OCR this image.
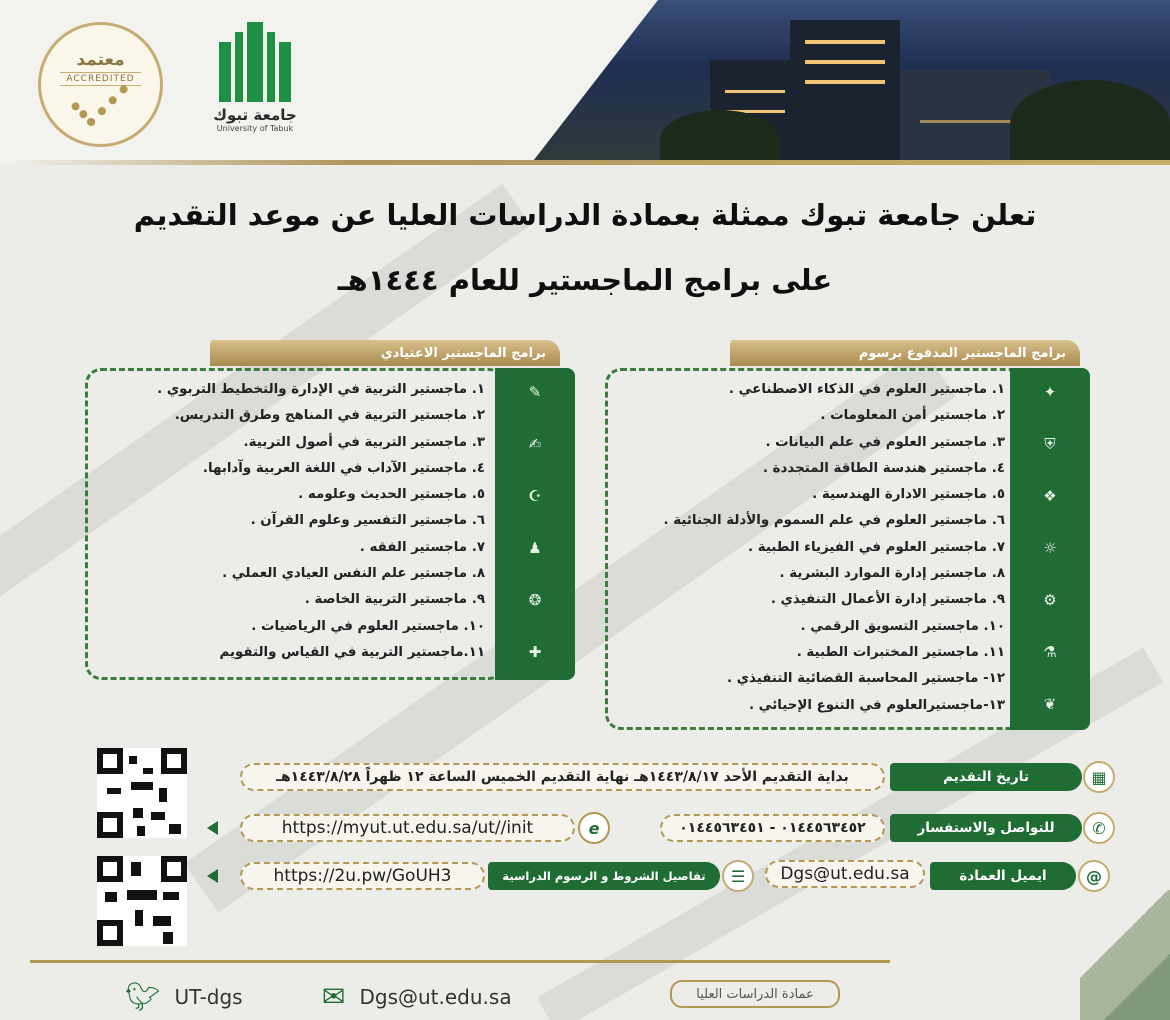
معتمد
ACCREDITED
جامعة تبوك
University of Tabuk
تعلن جامعة تبوك ممثلة بعمادة الدراسات العليا عن موعد التقديم
على برامج الماجستير للعام ١٤٤٤هـ
برامج الماجستير المدفوع برسوم
✦
⛨
❖
☼
⚙
⚗
❦
١. ماجستير العلوم في الذكاء الاصطناعي .
٢. ماجستير أمن المعلومات .
٣. ماجستير العلوم في علم البيانات .
٤. ماجستير هندسة الطاقة المتجددة .
٥. ماجستير الادارة الهندسية .
٦. ماجستير العلوم في علم السموم والأدلة الجنائية .
٧. ماجستير العلوم في الفيزياء الطبية .
٨. ماجستير إدارة الموارد البشرية .
٩. ماجستير إدارة الأعمال التنفيذي .
١٠. ماجستير التسويق الرقمي .
١١. ماجستير المختبرات الطبية .
١٢- ماجستير المحاسبة القضائية التنفيذي .
١٣-ماجستيرالعلوم في التنوع الإحيائي .
برامج الماجستير الاعتيادي
✎
✍
☪
♟
❂
✚
١. ماجستير التربية في الإدارة والتخطيط التربوي .
٢. ماجستير التربية في المناهج وطرق التدريس.
٣. ماجستير التربية في أصول التربية.
٤. ماجستير الآداب في اللغة العربية وآدابها.
٥. ماجستير الحديث وعلومه .
٦. ماجستير التفسير وعلوم القرآن .
٧. ماجستير الفقه .
٨. ماجستير علم النفس العيادي العملي .
٩. ماجستير التربية الخاصة .
١٠. ماجستير العلوم في الرياضيات .
١١.ماجستير التربية في القياس والتقويم
▦
تاريخ التقديم
بداية التقديم الأحد ١٤٤٣/٨/١٧هـ نهاية التقديم الخميس الساعة ١٢ ظهراً ١٤٤٣/٨/٢٨هـ
✆
للتواصل والاستفسار
٠١٤٤٥٦٣٤٥٢ - ٠١٤٤٥٦٣٤٥١
e
https://myut.ut.edu.sa/ut//init
@
ايميل العمادة
Dgs@ut.edu.sa
☰
تفاصيل الشروط و الرسوم الدراسية
https://2u.pw/GoUH3
🐦︎ UT-dgs	✉ Dgs@ut.edu.sa	عمادة الدراسات العليا
